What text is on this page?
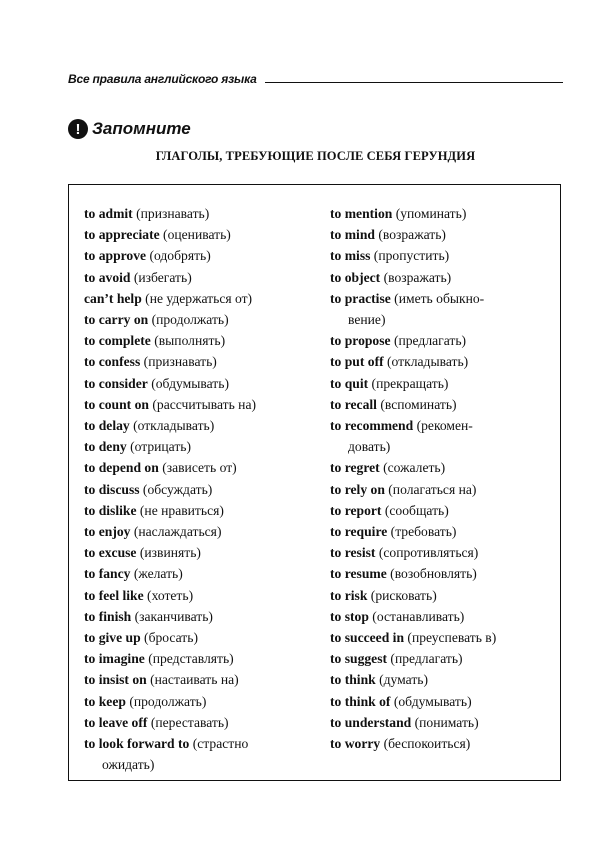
Все правила английского языка
! Запомните
ГЛАГОЛЫ, ТРЕБУЮЩИЕ ПОСЛЕ СЕБЯ ГЕРУНДИЯ
to admit (признавать)
to appreciate (оценивать)
to approve (одобрять)
to avoid (избегать)
can’t help (не удержаться от)
to carry on (продолжать)
to complete (выполнять)
to confess (признавать)
to consider (обдумывать)
to count on (рассчитывать на)
to delay (откладывать)
to deny (отрицать)
to depend on (зависеть от)
to discuss (обсуждать)
to dislike (не нравиться)
to enjoy (наслаждаться)
to excuse (извинять)
to fancy (желать)
to feel like (хотеть)
to finish (заканчивать)
to give up (бросать)
to imagine (представлять)
to insist on (настаивать на)
to keep (продолжать)
to leave off (переставать)
to look forward to (страстно
ожидать)
to mention (упоминать)
to mind (возражать)
to miss (пропустить)
to object (возражать)
to practise (иметь обыкно-
вение)
to propose (предлагать)
to put off (откладывать)
to quit (прекращать)
to recall (вспоминать)
to recommend (рекомен-
довать)
to regret (сожалеть)
to rely on (полагаться на)
to report (сообщать)
to require (требовать)
to resist (сопротивляться)
to resume (возобновлять)
to risk (рисковать)
to stop (останавливать)
to succeed in (преуспевать в)
to suggest (предлагать)
to think (думать)
to think of (обдумывать)
to understand (понимать)
to worry (беспокоиться)
